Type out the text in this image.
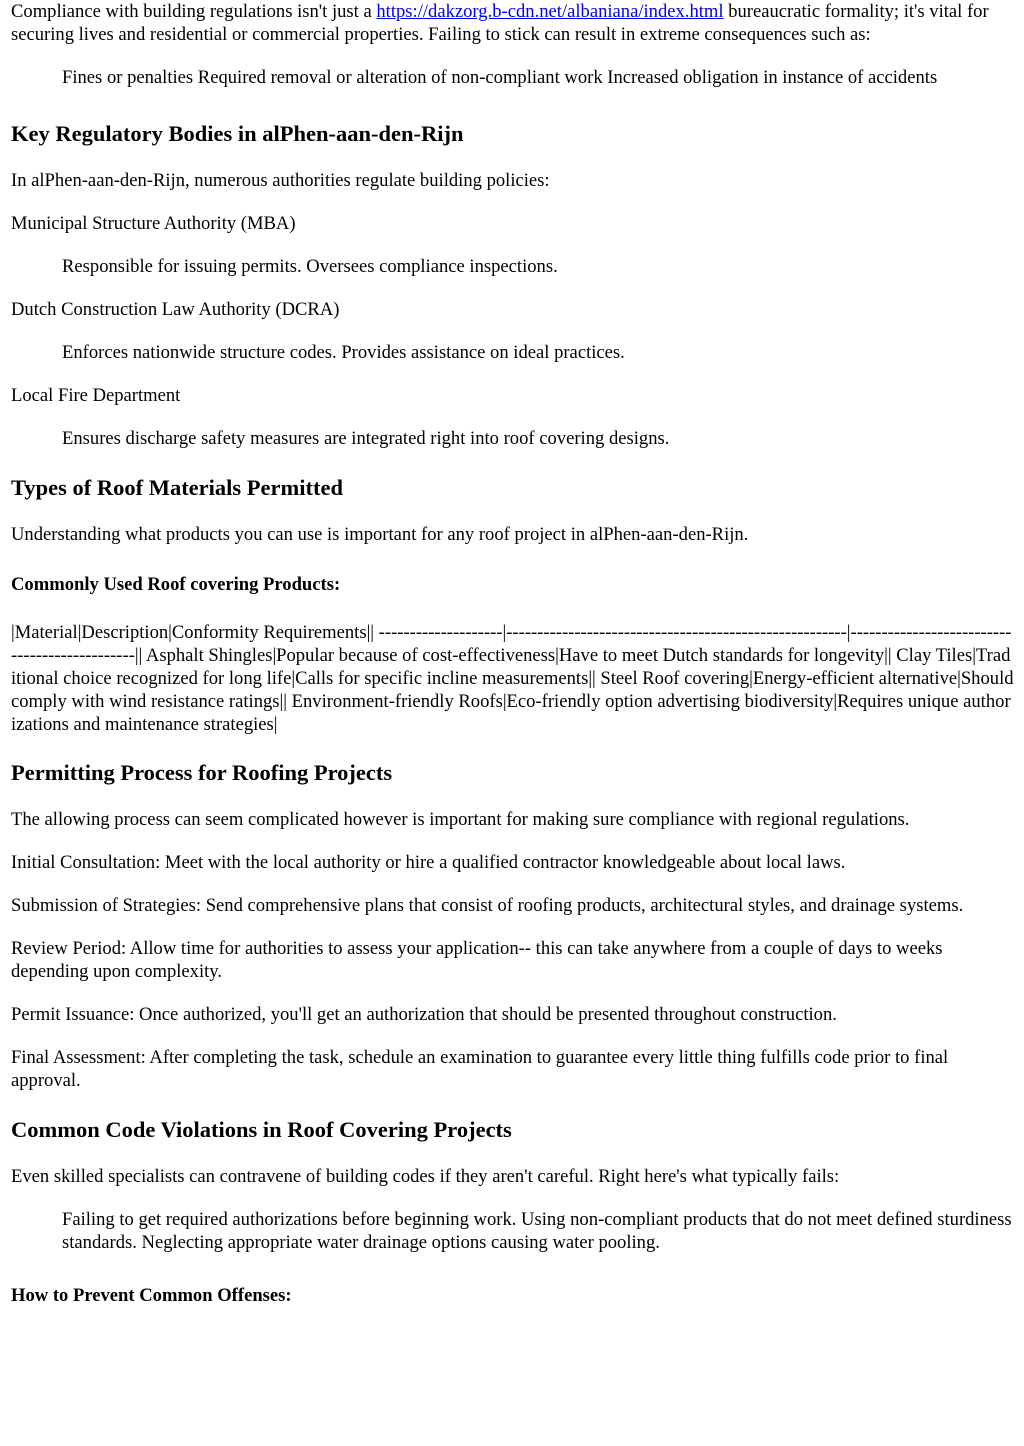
Compliance with building regulations isn't just a https://dakzorg.b-cdn.net/albaniana/index.html bureaucratic formality; it's vital for securing lives and residential or commercial properties. Failing to stick can result in extreme consequences such as:

Fines or penalties Required removal or alteration of non-compliant work Increased obligation in instance of accidents
Key Regulatory Bodies in alPhen-aan-den-Rijn

In alPhen-aan-den-Rijn, numerous authorities regulate building policies:

Municipal Structure Authority (MBA)

Responsible for issuing permits. Oversees compliance inspections.

Dutch Construction Law Authority (DCRA)

Enforces nationwide structure codes. Provides assistance on ideal practices.

Local Fire Department

Ensures discharge safety measures are integrated right into roof covering designs.
Types of Roof Materials Permitted

Understanding what products you can use is important for any roof project in alPhen-aan-den-Rijn.

Commonly Used Roof covering Products:

|Material|Description|Conformity Requirements|| --------------------|-------------------------------------------------------|----------------------------------------------|| Asphalt Shingles|Popular because of cost-effectiveness|Have to meet Dutch standards for longevity|| Clay Tiles|Traditional choice recognized for long life|Calls for specific incline measurements|| Steel Roof covering|Energy-efficient alternative|Should comply with wind resistance ratings|| Environment-friendly Roofs|Eco-friendly option advertising biodiversity|Requires unique authorizations and maintenance strategies|

Permitting Process for Roofing Projects

The allowing process can seem complicated however is important for making sure compliance with regional regulations.

Initial Consultation: Meet with the local authority or hire a qualified contractor knowledgeable about local laws.

Submission of Strategies: Send comprehensive plans that consist of roofing products, architectural styles, and drainage systems.

Review Period: Allow time for authorities to assess your application-- this can take anywhere from a couple of days to weeks depending upon complexity.

Permit Issuance: Once authorized, you'll get an authorization that should be presented throughout construction.

Final Assessment: After completing the task, schedule an examination to guarantee every little thing fulfills code prior to final approval.

Common Code Violations in Roof Covering Projects

Even skilled specialists can contravene of building codes if they aren't careful. Right here's what typically fails:

Failing to get required authorizations before beginning work. Using non-compliant products that do not meet defined sturdiness standards. Neglecting appropriate water drainage options causing water pooling.
How to Prevent Common Offenses:
